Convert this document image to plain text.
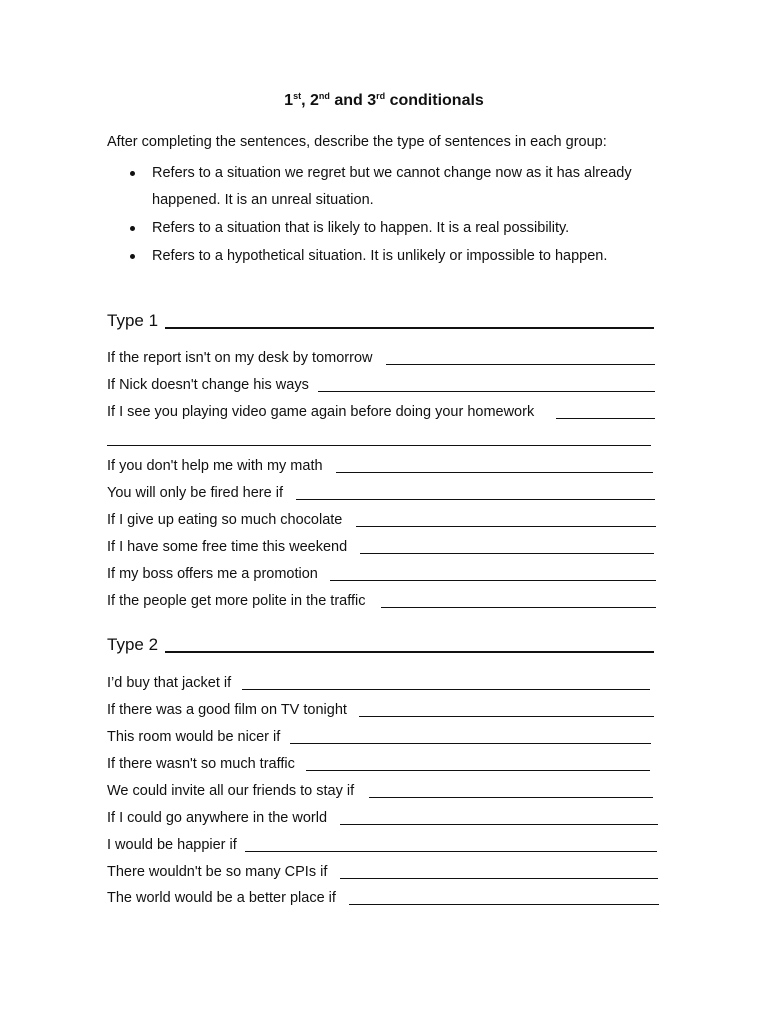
1st, 2nd and 3rd conditionals
After completing the sentences, describe the type of sentences in each group:
Refers to a situation we regret but we cannot change now as it has already happened. It is an unreal situation.
Refers to a situation that is likely to happen. It is a real possibility.
Refers to a hypothetical situation. It is unlikely or impossible to happen.
Type 1
If the report isn't on my desk by tomorrow
If Nick doesn't change his ways
If I see you playing video game again before doing your homework
If you don't help me with my math
You will only be fired here if
If I give up eating so much chocolate
If I have some free time this weekend
If my boss offers me a promotion
If the people get more polite in the traffic
Type 2
I’d buy that jacket if
If there was a good film on TV tonight
This room would be nicer if
If there wasn't so much traffic
We could invite all our friends to stay if
If I could go anywhere in the world
I would be happier if
There wouldn't be so many CPIs if
The world would be a better place if
